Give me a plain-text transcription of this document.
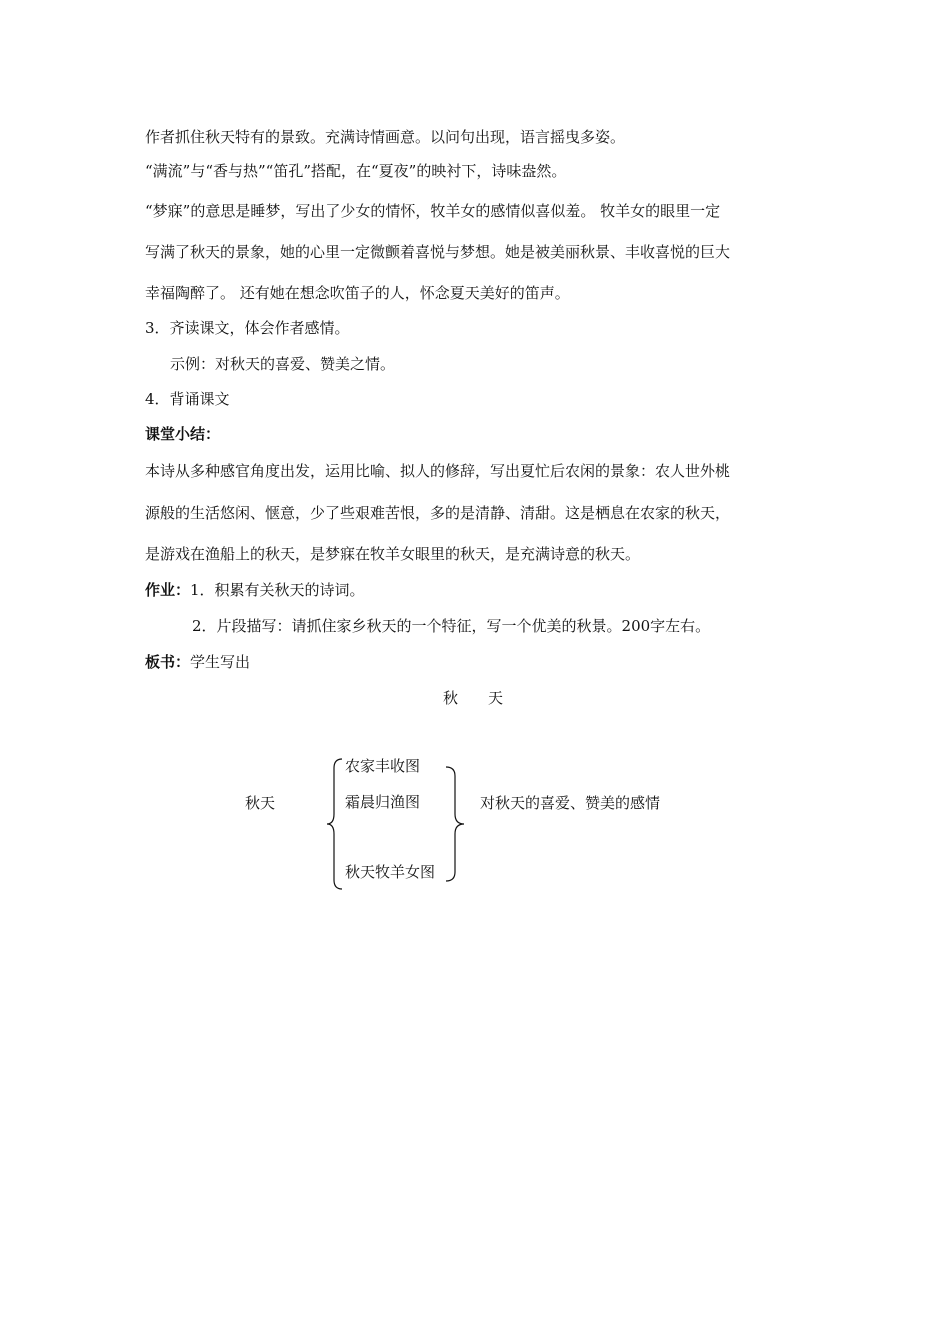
作者抓住秋天特有的景致。充满诗情画意。以问句出现，语言摇曳多姿。
“满流”与“香与热”“笛孔”搭配，在“夏夜”的映衬下，诗味盎然。
“梦寐”的意思是睡梦，写出了少女的情怀，牧羊女的感情似喜似羞。 牧羊女的眼里一定
写满了秋天的景象，她的心里一定微颤着喜悦与梦想。她是被美丽秋景、丰收喜悦的巨大
幸福陶醉了。 还有她在想念吹笛子的人，怀念夏天美好的笛声。
3．齐读课文，体会作者感情。
示例：对秋天的喜爱、赞美之情。
4．背诵课文
课堂小结：
本诗从多种感官角度出发，运用比喻、拟人的修辞，写出夏忙后农闲的景象：农人世外桃
源般的生活悠闲、惬意，少了些艰难苦恨，多的是清静、清甜。这是栖息在农家的秋天，
是游戏在渔船上的秋天，是梦寐在牧羊女眼里的秋天，是充满诗意的秋天。
作业：1．积累有关秋天的诗词。
2．片段描写：请抓住家乡秋天的一个特征，写一个优美的秋景。200字左右。
板书：学生写出
秋　　天
秋天
农家丰收图
霜晨归渔图
秋天牧羊女图
对秋天的喜爱、赞美的感情
